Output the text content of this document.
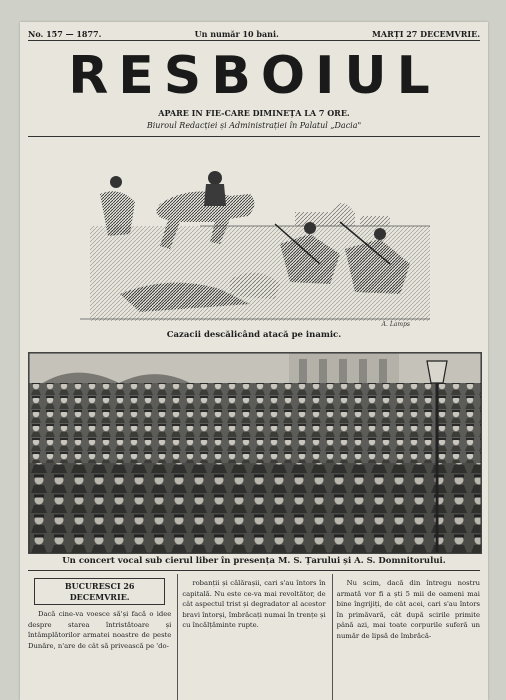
No. 157 — 1877.	Un număr 10 bani.	MARȚI 27 DECEMVRIE.
RESBOIUL
APARE IN FIE-CARE DIMINEȚA LA 7 ORE.
Biuroul Redacției și Administrației în Palatul „Dacia"
A. Lamps
Cazacii descălicând atacă pe inamic.
Un concert vocal sub cierul liber în presența M. S. Țarului și A. S. Domnitorului.
BUCURESCI 26 DECEMVRIE.

Dacă cine-va voesce să'și facă o idee despre starea întristătoare și întâmplătorilor armatei noastre de peste Dunăre, n'are de cât să privească pe 'do-

robanții și călărașii, cari s'au întors în capitală. Nu este ce-va mai revoltător, de cât aspectul trist și degradator al acestor bravi întorși, îmbrăcați numai în trențe și cu încălțăminte rupte.

Nu scim, dacă din întregu nostru armată vor fi a ști 5 mii de oameni mai bine îngrijiți, de cât acei, cari s'au întors în primăvară, cât după scirile primite până azi, mai toate corpurile suferă un număr de lipsă de îmbrăcă-
